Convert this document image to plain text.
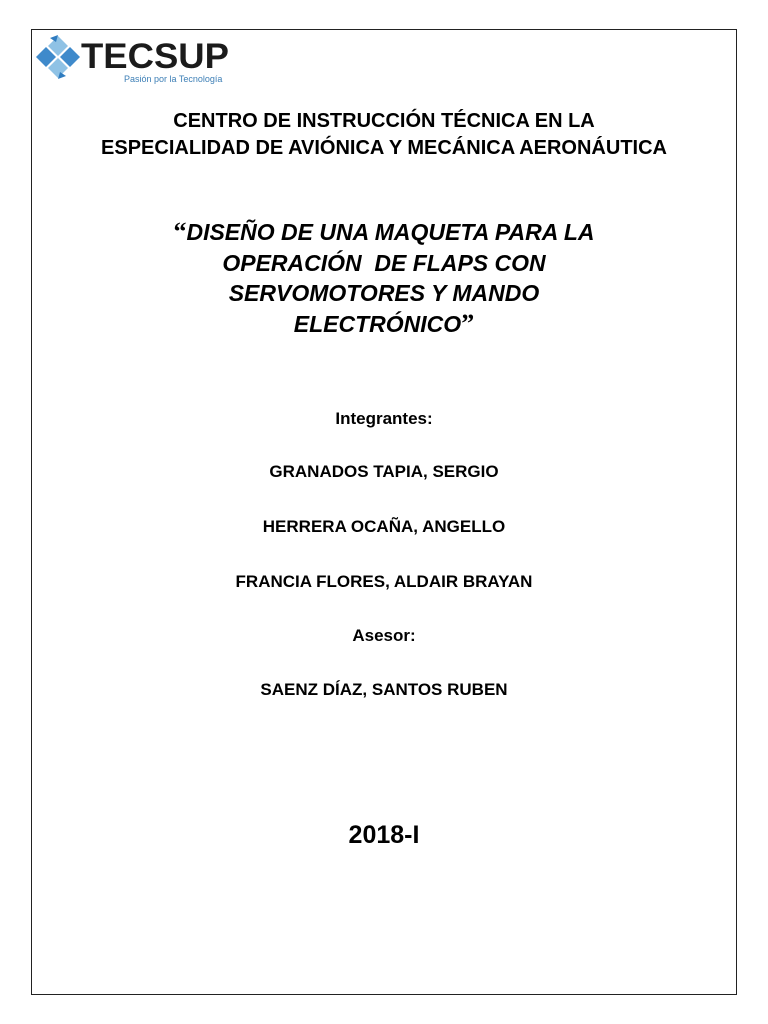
TECSUP
Pasión por la Tecnología
CENTRO DE INSTRUCCIÓN TÉCNICA EN LA
ESPECIALIDAD DE AVIÓNICA Y MECÁNICA AERONÁUTICA
“DISEÑO DE UNA MAQUETA PARA LA
OPERACIÓN  DE FLAPS CON
SERVOMOTORES Y MANDO
ELECTRÓNICO”
Integrantes:
GRANADOS TAPIA, SERGIO
HERRERA OCAÑA, ANGELLO
FRANCIA FLORES, ALDAIR BRAYAN
Asesor:
SAENZ DÍAZ, SANTOS RUBEN
2018-I
